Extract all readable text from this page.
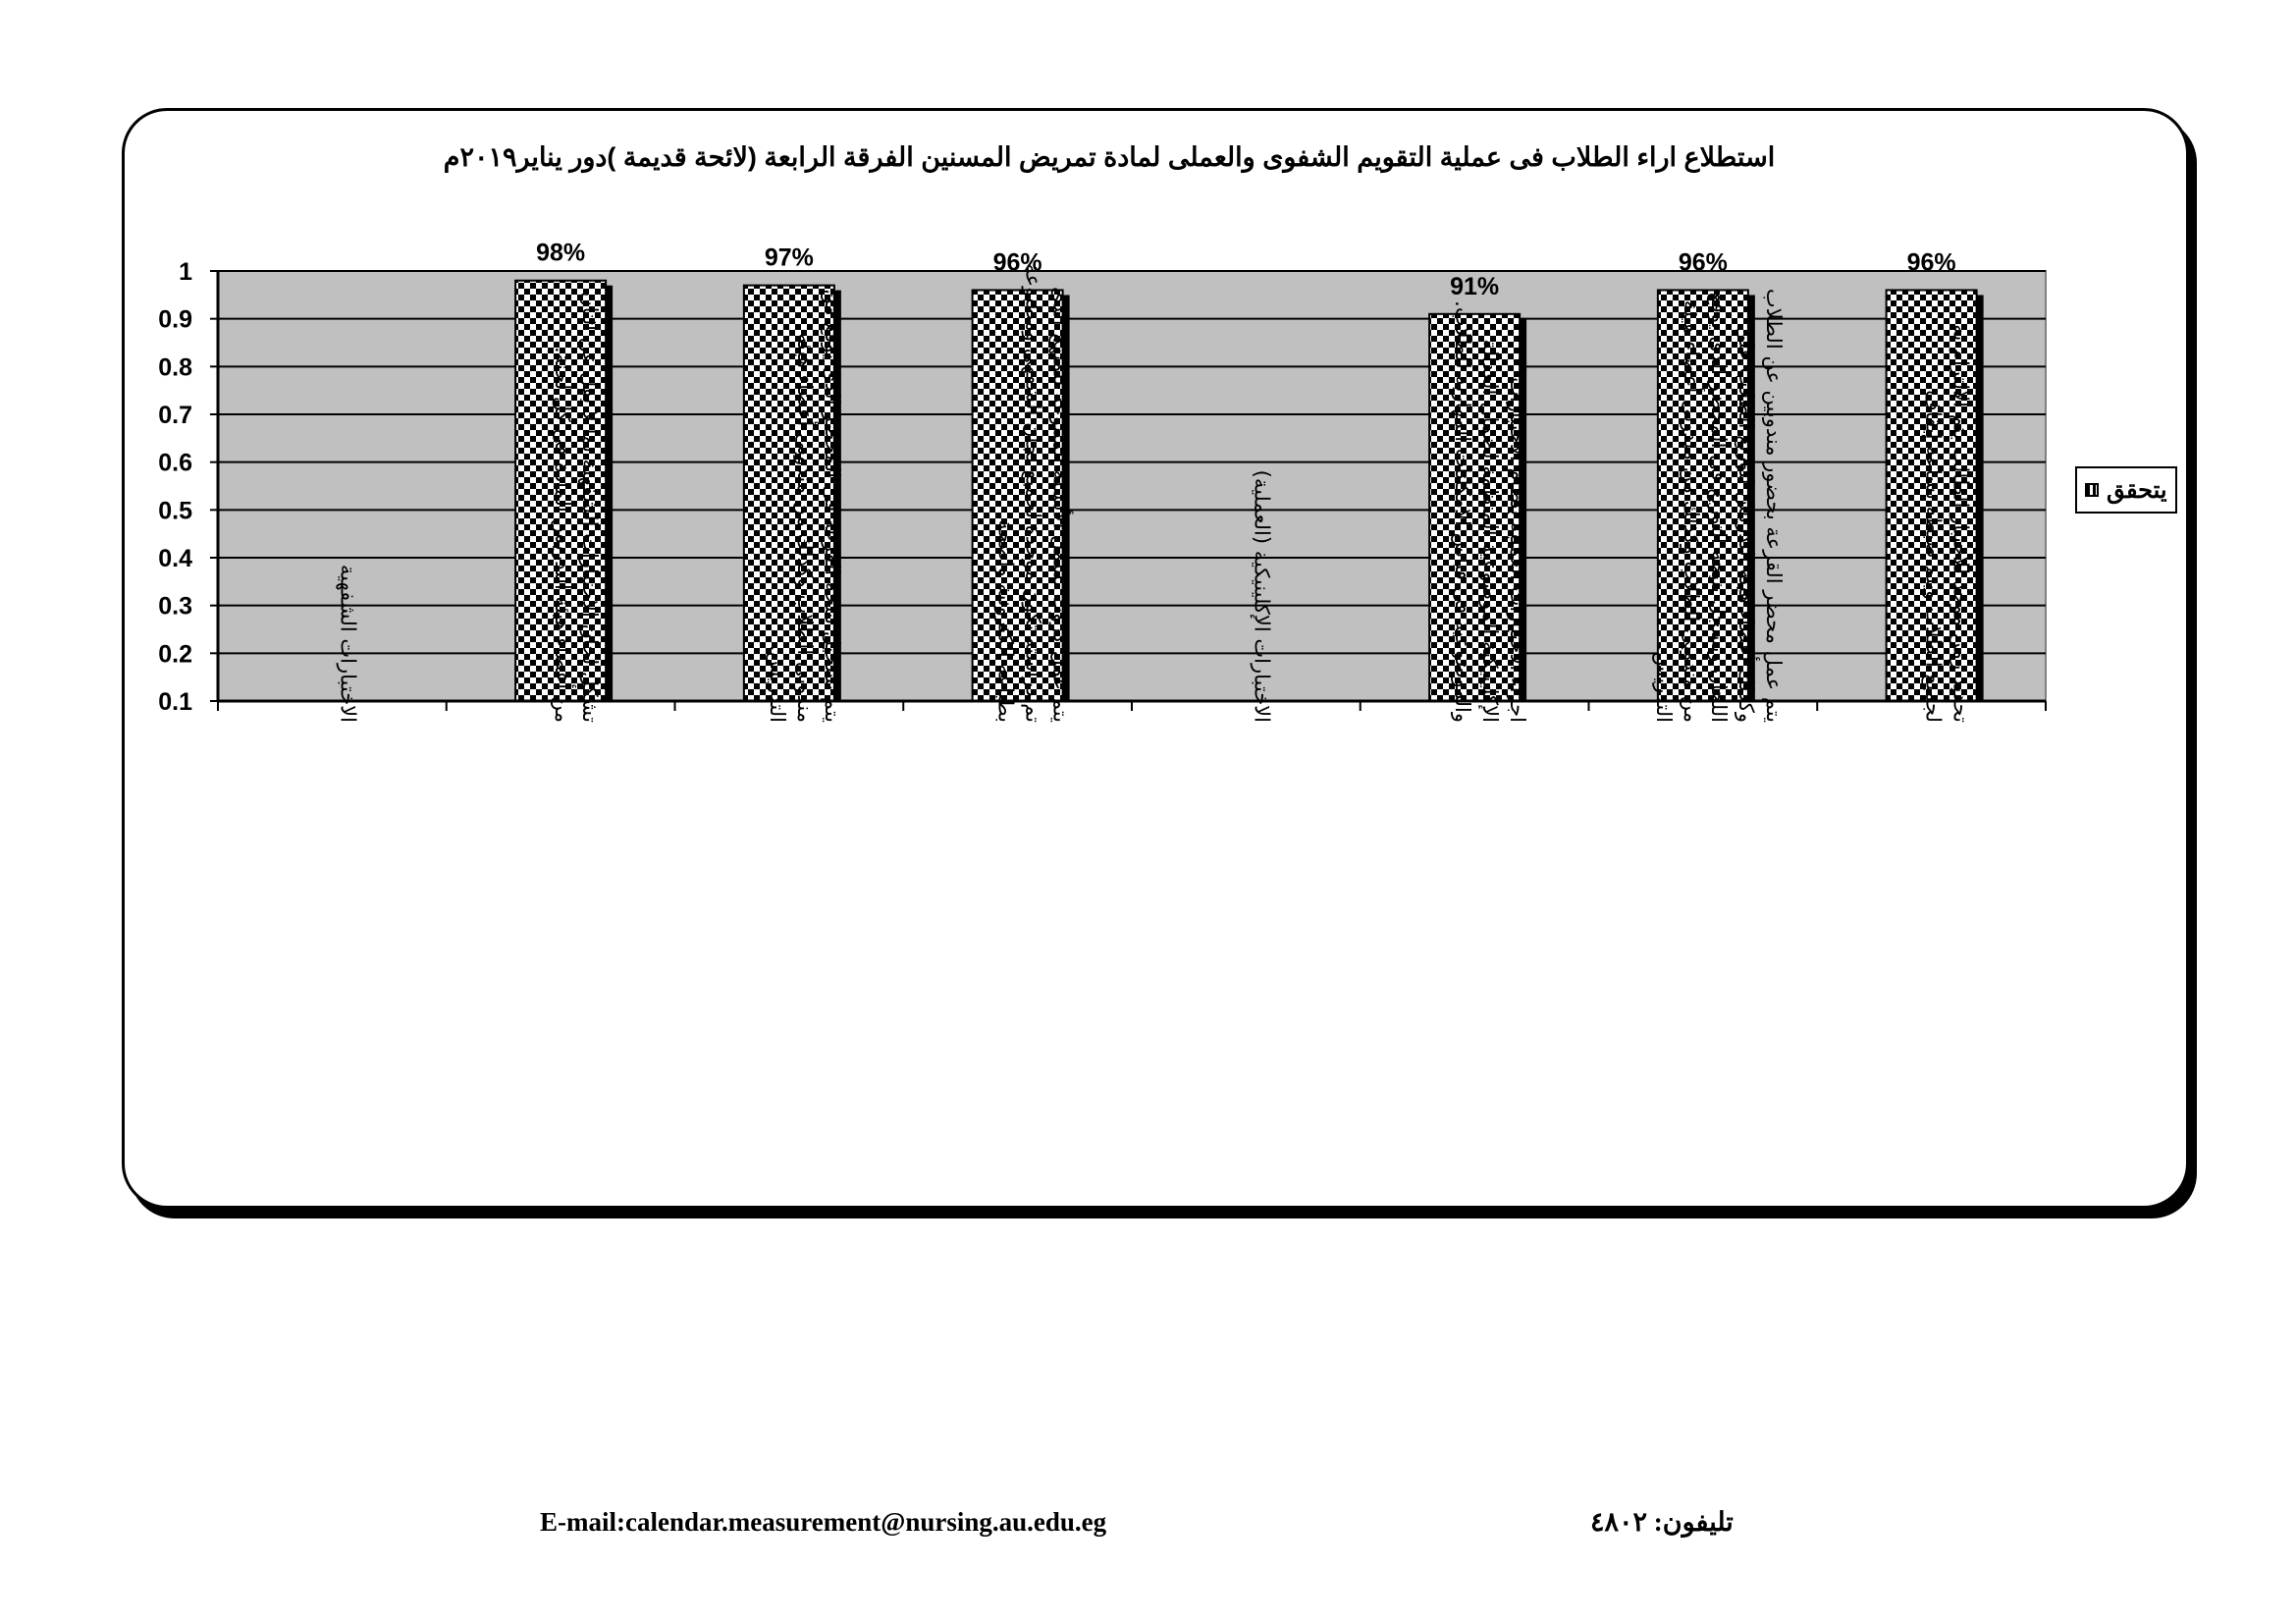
استطلاع اراء الطلاب فى عملية التقويم الشفوى والعملى لمادة تمريض المسنين الفرقة الرابعة (لائحة قديمة )دور يناير٢٠١٩م
98%	97%	96%
91%
96%	96%
1
0.9
0.8
0.7
0.6
0.5
0.4
0.3
0.2
0.1	الاختبارات الشفهية	تشكل لجان الاختبارات الشفهية بما لا يقل عن اثنان
من أعضاء هيئة التدريس المادة فى كل لجنة.	يتم تسجيل نتيجة القرعة فى المحضر الذى يوقع من
مندوبى الطلاب وكذلك من مندوبى أعضاء هيئة
التدريس.	يتم عمل كروت تشمل الأسئلة المتنوعة للمنهج الذى
تم دراسته تكون موحدة لجميع لجان الشفهى ومطبوعة
بطباعة الكترونية واضحة.	الاختبارات الإكلينيكية (العملية)	اجراء الاختبارات العملية بنظام الاختبارات
الإكلينيكية الموضوعية المنظمة لضمان العدالة
والموضوعية فى قياس الإمكانات المهارية للطلاب.	يتم عمل محضر القرعة بحضور مندوبين عن الطلاب
وكذلك أعضاء هيئة التدريس لتوزيع الطلاب على
اللجان وتسجل نتيجة التوزيع فى المحضر الذى يوقع
من مندوبى الطلاب وكذلك من مندوبى أعضاء هيئة
التدريس.	تحديد زمن موحد للاختبار الطالب يتم الالتزام به
لجميع الطلاب ويتم ضبطه بساعة إيقاف.	يتحقق
E-mail:calendar.measurement@nursing.au.edu.eg	تليفون: ٤٨٠٢
